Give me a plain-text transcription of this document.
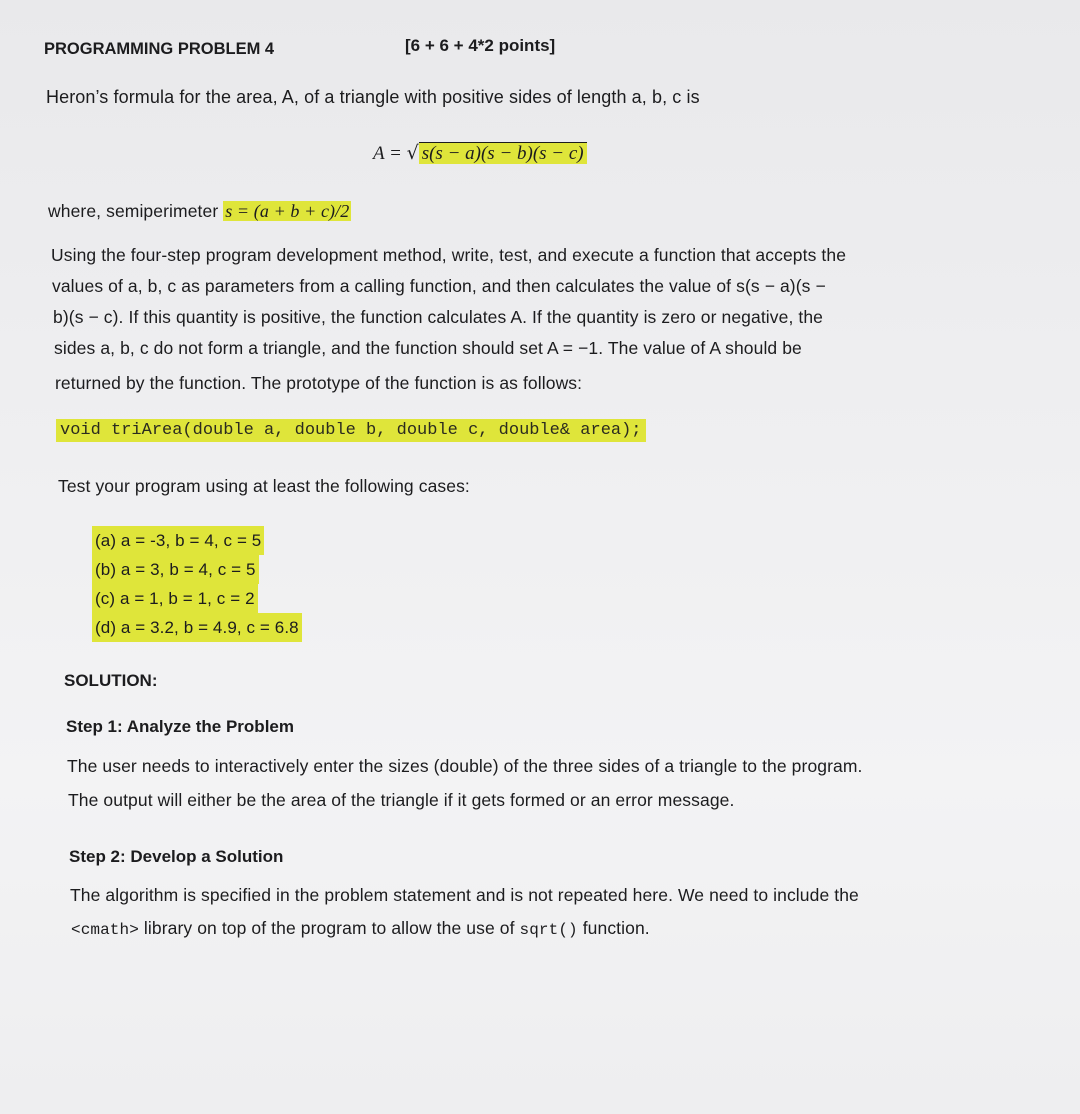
PROGRAMMING PROBLEM 4	[6 + 6 + 4*2 points]
Heron’s formula for the area, A, of a triangle with positive sides of length a, b, c is
A = √ s(s − a)(s − b)(s − c)
where, semiperimeter s = (a + b + c)/2
Using the four-step program development method, write, test, and execute a function that accepts the
values of a, b, c as parameters from a calling function, and then calculates the value of s(s − a)(s −
b)(s − c). If this quantity is positive, the function calculates A. If the quantity is zero or negative, the
sides a, b, c do not form a triangle, and the function should set A = −1. The value of A should be
returned by the function. The prototype of the function is as follows:
void triArea(double a, double b, double c, double& area);
Test your program using at least the following cases:
(a) a = -3, b = 4, c = 5
(b) a = 3, b = 4, c = 5
(c) a = 1, b = 1, c = 2
(d) a = 3.2, b = 4.9, c = 6.8
SOLUTION:
Step 1: Analyze the Problem
The user needs to interactively enter the sizes (double) of the three sides of a triangle to the program.
The output will either be the area of the triangle if it gets formed or an error message.
Step 2: Develop a Solution
The algorithm is specified in the problem statement and is not repeated here. We need to include the
<cmath> library on top of the program to allow the use of sqrt() function.
